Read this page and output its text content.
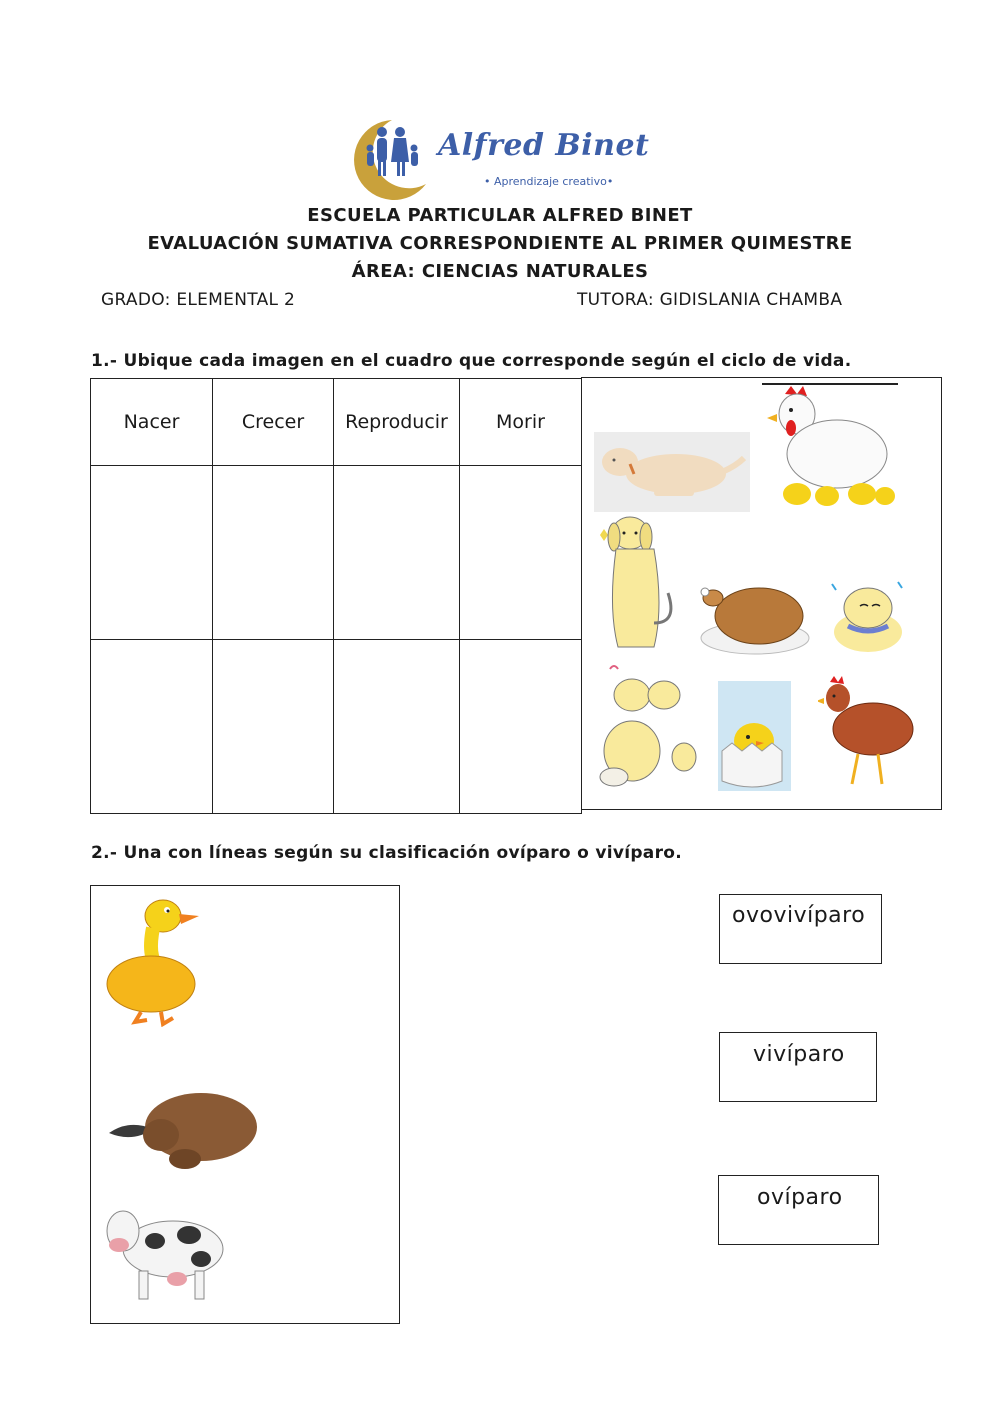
Alfred Binet
• Aprendizaje creativo•
ESCUELA PARTICULAR ALFRED BINET
EVALUACIÓN SUMATIVA CORRESPONDIENTE AL PRIMER QUIMESTRE
ÁREA: CIENCIAS NATURALES
GRADO: ELEMENTAL 2	TUTORA: GIDISLANIA CHAMBA
1.- Ubique cada imagen en el cuadro que corresponde según el ciclo de vida.
Nacer	Crecer	Reproducir	Morir

2.- Una con líneas según su clasificación ovíparo o vivíparo.
ovovivíparo
vivíparo
ovíparo
